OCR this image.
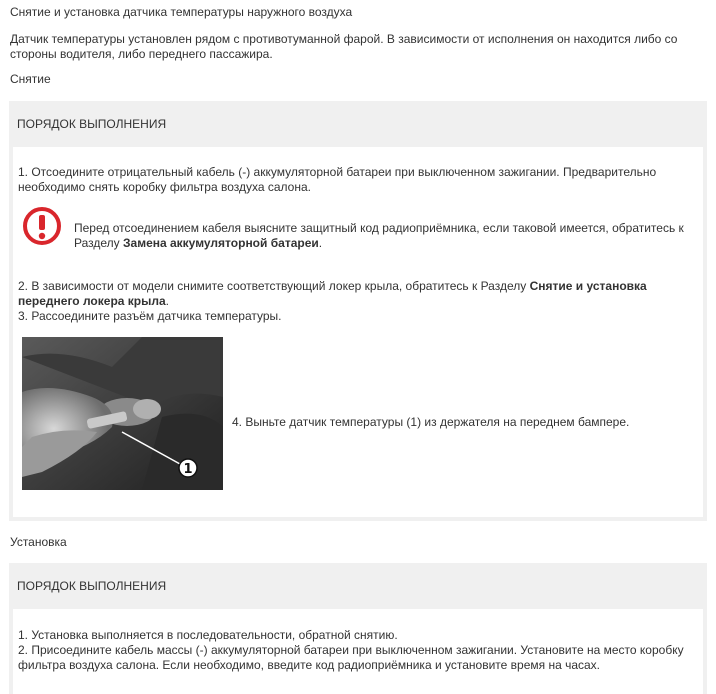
Снятие и установка датчика температуры наружного воздуха

Датчик температуры установлен рядом с противотуманной фарой. В зависимости от исполнения он находится либо со стороны водителя, либо переднего пассажира.

Снятие

ПОРЯДОК ВЫПОЛНЕНИЯ

1. Отсоедините отрицательный кабель (-) аккумуляторной батареи при выключенном зажигании. Предварительно необходимо снять коробку фильтра воздуха салона.

Перед отсоединением кабеля выясните защитный код радиоприёмника, если таковой имеется, обратитесь к Разделу Замена аккумуляторной батареи.

2. В зависимости от модели снимите соответствующий локер крыла, обратитесь к Разделу Снятие и установка переднего локера крыла.

3. Рассоедините разъём датчика температуры.

1

4. Выньте датчик температуры (1) из держателя на переднем бампере.

Установка

ПОРЯДОК ВЫПОЛНЕНИЯ

1. Установка выполняется в последовательности, обратной снятию.

2. Присоедините кабель массы (-) аккумуляторной батареи при выключенном зажигании. Установите на место коробку фильтра воздуха салона. Если необходимо, введите код радиоприёмника и установите время на часах.
